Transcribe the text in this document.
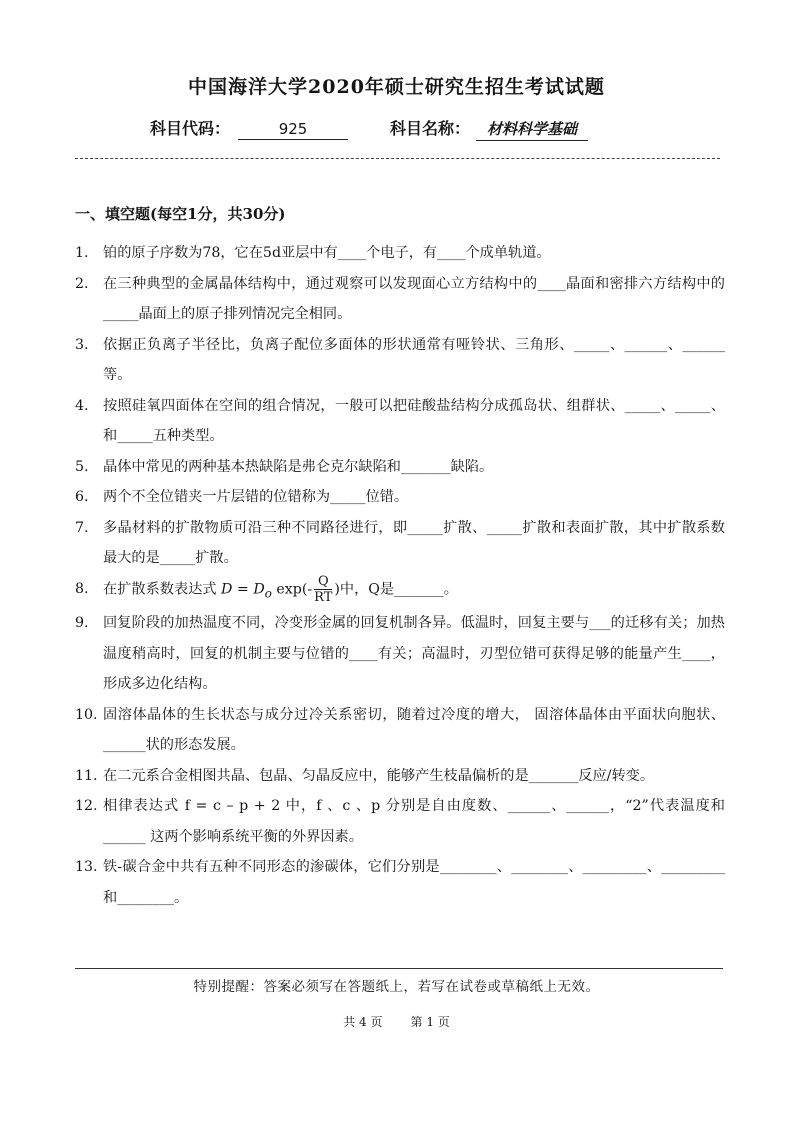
中国海洋大学2020年硕士研究生招生考试试题
科目代码：	925	科目名称： 材料科学基础
一、填空题(每空1分，共30分)
1. 铂的原子序数为78，它在5d亚层中有____个电子，有____个成单轨道。
2. 在三种典型的金属晶体结构中，通过观察可以发现面心立方结构中的____晶面和密排六方结构中的_____晶面上的原子排列情况完全相同。
3. 依据正负离子半径比，负离子配位多面体的形状通常有哑铃状、三角形、_____、______、______等。
4. 按照硅氧四面体在空间的组合情况，一般可以把硅酸盐结构分成孤岛状、组群状、_____、_____、和_____五种类型。
5. 晶体中常见的两种基本热缺陷是弗仑克尔缺陷和_______缺陷。
6. 两个不全位错夹一片层错的位错称为_____位错。
7. 多晶材料的扩散物质可沿三种不同路径进行，即_____扩散、_____扩散和表面扩散，其中扩散系数最大的是_____扩散。
8. 在扩散系数表达式 $D = D_o$ $\exp(- \frac{Q}{RT}$ )中，Q是_______。
9. 回复阶段的加热温度不同，冷变形金属的回复机制各异。低温时，回复主要与___的迁移有关；加热温度稍高时，回复的机制主要与位错的____有关；高温时，刃型位错可获得足够的能量产生____，形成多边化结构。
10. 固溶体晶体的生长状态与成分过冷关系密切，随着过冷度的增大， 固溶体晶体由平面状向胞状、______状的形态发展。
11. 在二元系合金相图共晶、包晶、匀晶反应中，能够产生枝晶偏析的是_______反应/转变。
12. 相律表达式 f = c – p + 2 中，f 、c 、p 分别是自由度数、______、______，“2”代表温度和______ 这两个影响系统平衡的外界因素。
13. 铁-碳合金中共有五种不同形态的渗碳体，它们分别是________、________、_________、_________和________。
特别提醒：答案必须写在答题纸上，若写在试卷或草稿纸上无效。
共 4 页 第 1 页
